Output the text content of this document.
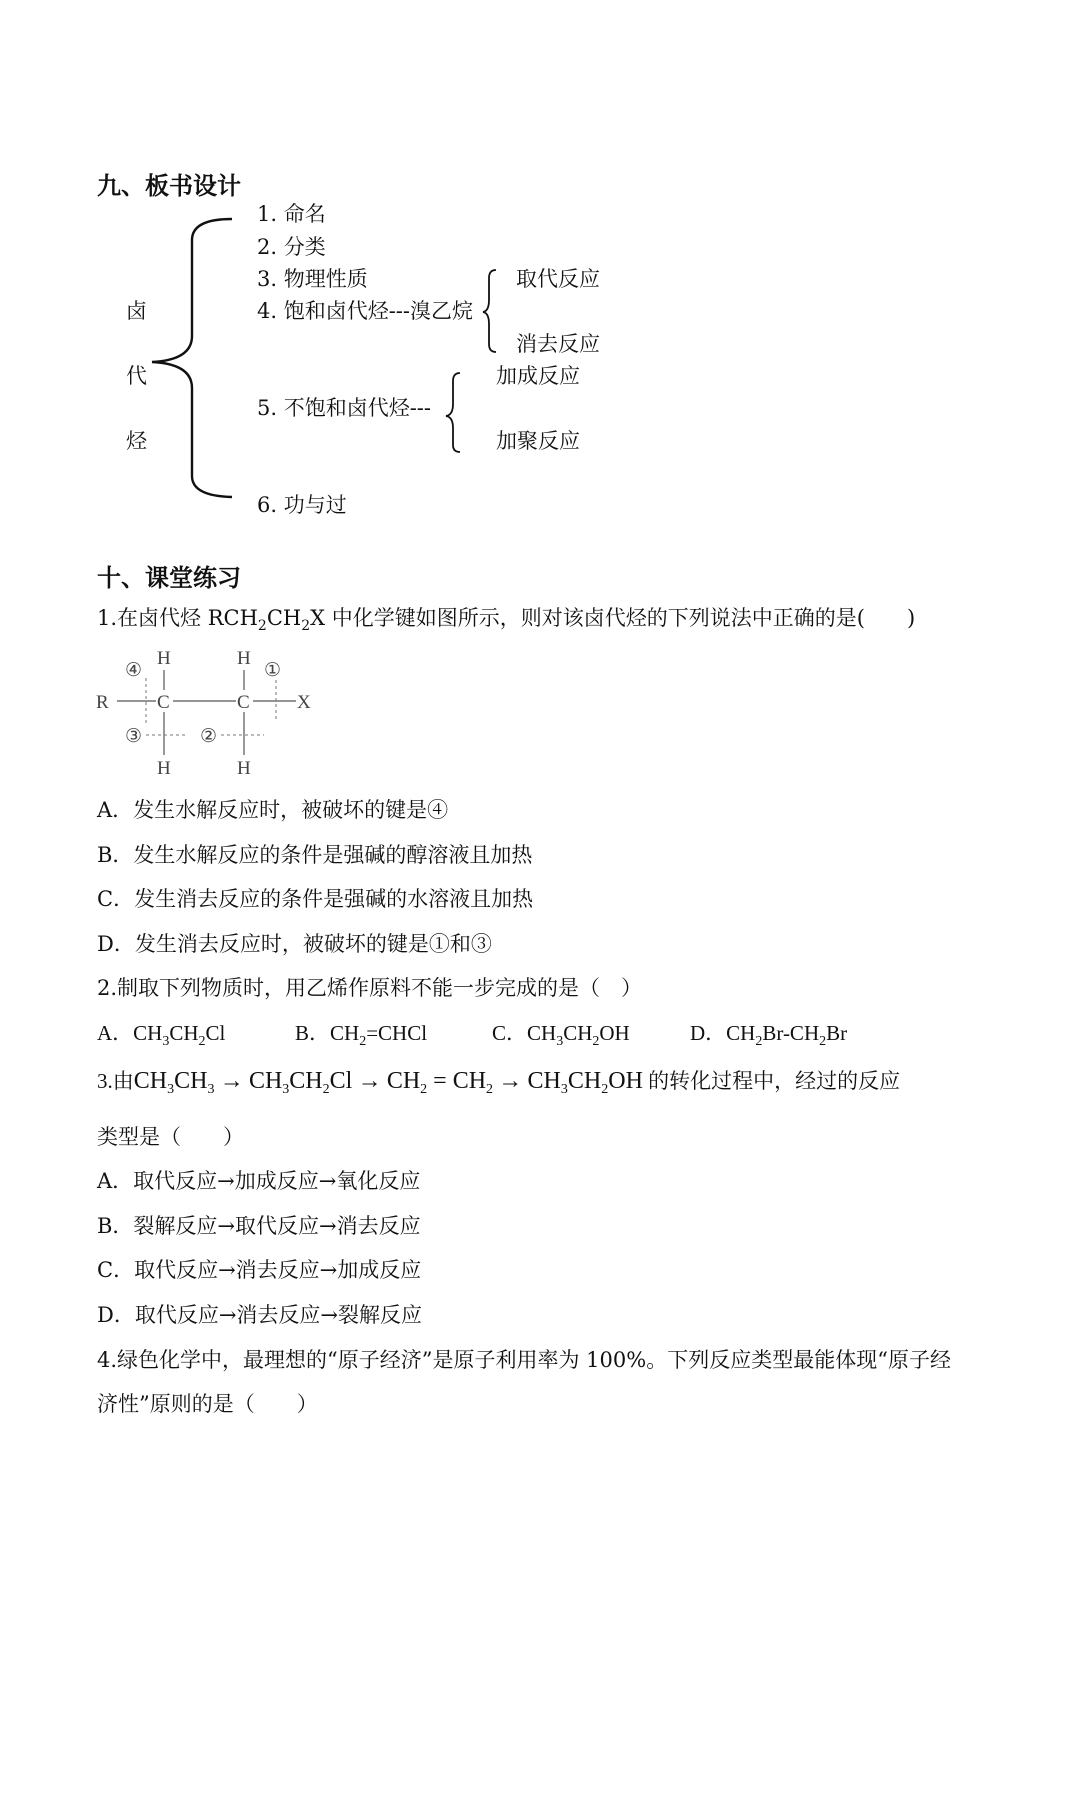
九、板书设计
R	C	C X
H	H
H	H
④	①
③	②
卤
代
烃
1. 命名
2. 分类
3. 物理性质
4. 饱和卤代烃---溴乙烷
5. 不饱和卤代烃---
6. 功与过
取代反应
消去反应
加成反应
加聚反应
十、课堂练习
1.在卤代烃 $RCH_2CH_2X$ 中化学键如图所示，则对该卤代烃的下列说法中正确的是(　　)
A．发生水解反应时，被破坏的键是④
B．发生水解反应的条件是强碱的醇溶液且加热
C．发生消去反应的条件是强碱的水溶液且加热
D．发生消去反应时，被破坏的键是①和③
2.制取下列物质时，用乙烯作原料不能一步完成的是（　）
A．$CH_3CH_2Cl$	B．$CH_2=CHCl$	C．$CH_3CH_2OH$	D．$CH_2Br-CH_2Br$
3.由$CH_3CH_3 \to CH_3CH_2Cl \to CH_2 = CH_2 \to CH_3CH_2OH$ 的转化过程中，经过的反应
类型是（　　）
A．取代反应→加成反应→氧化反应
B．裂解反应→取代反应→消去反应
C．取代反应→消去反应→加成反应
D．取代反应→消去反应→裂解反应
4.绿色化学中，最理想的“原子经济”是原子利用率为 100%。下列反应类型最能体现“原子经
济性”原则的是（　　）
